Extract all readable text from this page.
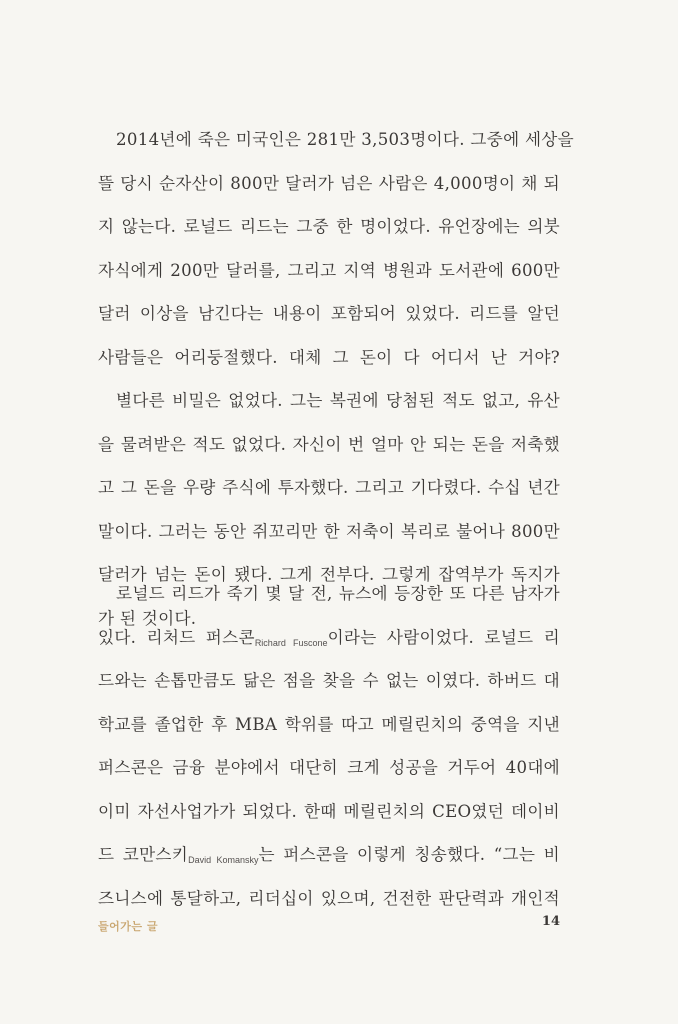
2014년에 죽은 미국인은 281만 3,503명이다. 그중에 세상을
뜰 당시 순자산이 800만 달러가 넘은 사람은 4,000명이 채 되
지 않는다. 로널드 리드는 그중 한 명이었다. 유언장에는 의붓
자식에게 200만 달러를, 그리고 지역 병원과 도서관에 600만
달러 이상을 남긴다는 내용이 포함되어 있었다. 리드를 알던
사람들은 어리둥절했다. 대체 그 돈이 다 어디서 난 거야?
별다른 비밀은 없었다. 그는 복권에 당첨된 적도 없고, 유산
을 물려받은 적도 없었다. 자신이 번 얼마 안 되는 돈을 저축했
고 그 돈을 우량 주식에 투자했다. 그리고 기다렸다. 수십 년간
말이다. 그러는 동안 쥐꼬리만 한 저축이 복리로 불어나 800만
달러가 넘는 돈이 됐다. 그게 전부다. 그렇게 잡역부가 독지가
가 된 것이다.
로널드 리드가 죽기 몇 달 전, 뉴스에 등장한 또 다른 남자가
있다. 리처드 퍼스콘Richard Fuscone이라는 사람이었다. 로널드 리
드와는 손톱만큼도 닮은 점을 찾을 수 없는 이였다. 하버드 대
학교를 졸업한 후 MBA 학위를 따고 메릴린치의 중역을 지낸
퍼스콘은 금융 분야에서 대단히 크게 성공을 거두어 40대에
이미 자선사업가가 되었다. 한때 메릴린치의 CEO였던 데이비
드 코만스키David Komansky는 퍼스콘을 이렇게 칭송했다. “그는 비
즈니스에 통달하고, 리더십이 있으며, 건전한 판단력과 개인적
들어가는 글	14
